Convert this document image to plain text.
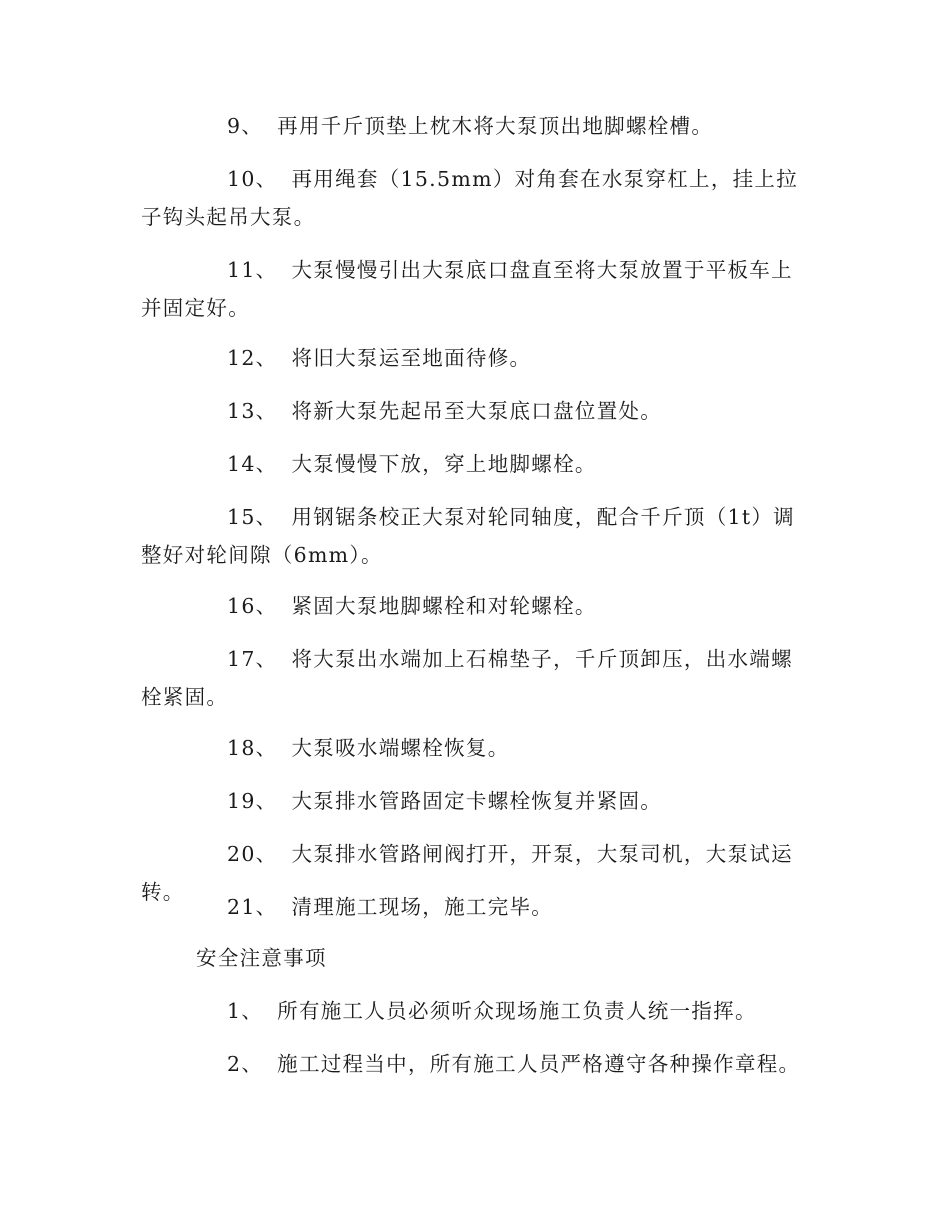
9、 再用千斤顶垫上枕木将大泵顶出地脚螺栓槽。

10、 再用绳套（15.5mm）对角套在水泵穿杠上，挂上拉子钩头起吊大泵。

11、 大泵慢慢引出大泵底口盘直至将大泵放置于平板车上并固定好。

12、 将旧大泵运至地面待修。

13、 将新大泵先起吊至大泵底口盘位置处。

14、 大泵慢慢下放，穿上地脚螺栓。

15、 用钢锯条校正大泵对轮同轴度，配合千斤顶（1t）调整好对轮间隙（6mm）。

16、 紧固大泵地脚螺栓和对轮螺栓。

17、 将大泵出水端加上石棉垫子，千斤顶卸压，出水端螺栓紧固。

18、 大泵吸水端螺栓恢复。

19、 大泵排水管路固定卡螺栓恢复并紧固。

20、 大泵排水管路闸阀打开，开泵，大泵司机，大泵试运转。

21、 清理施工现场，施工完毕。

安全注意事项

1、 所有施工人员必须听众现场施工负责人统一指挥。

2、 施工过程当中，所有施工人员严格遵守各种操作章程。
